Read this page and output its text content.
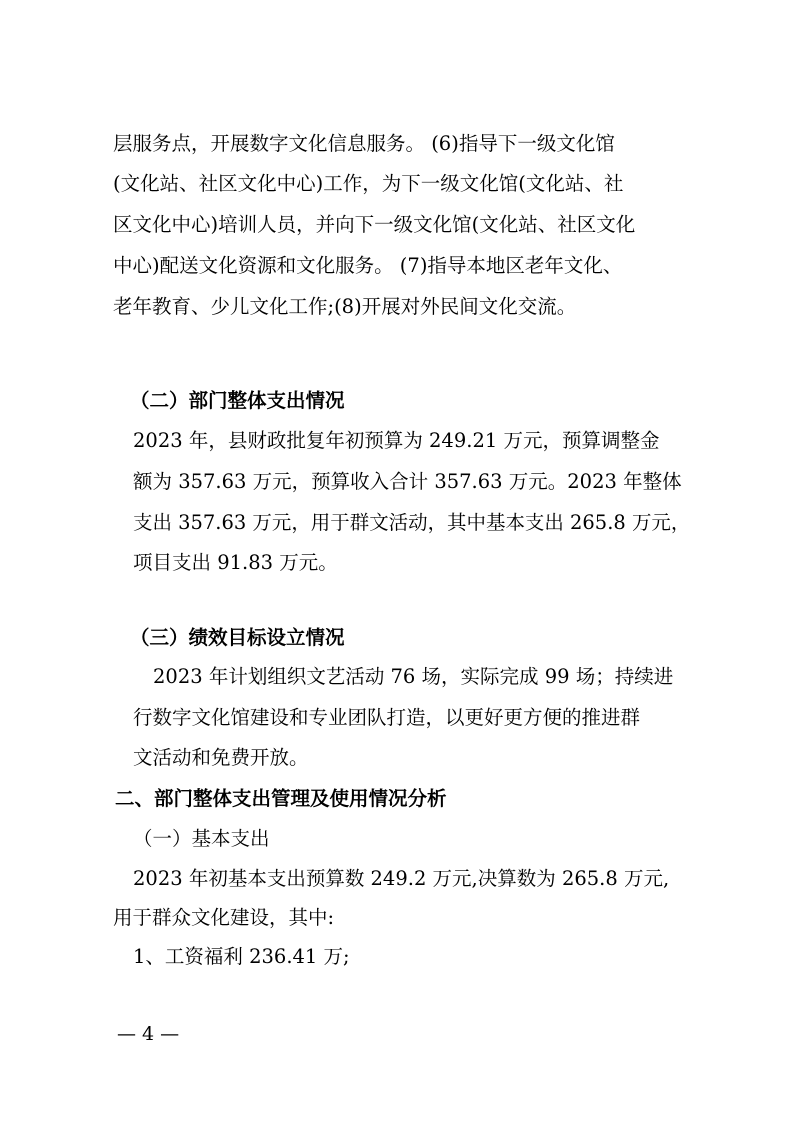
层服务点，开展数字文化信息服务。 (6)指导下一级文化馆

(文化站、社区文化中心)工作，为下一级文化馆(文化站、社

区文化中心)培训人员，并向下一级文化馆(文化站、社区文化

中心)配送文化资源和文化服务。 (7)指导本地区老年文化、

老年教育、少儿文化工作;(8)开展对外民间文化交流。

（二）部门整体支出情况

2023 年，县财政批复年初预算为 249.21 万元，预算调整金

额为 357.63 万元，预算收入合计 357.63 万元。2023 年整体

支出 357.63 万元，用于群文活动，其中基本支出 265.8 万元，

项目支出 91.83 万元。

（三）绩效目标设立情况

2023 年计划组织文艺活动 76 场，实际完成 99 场；持续进

行数字文化馆建设和专业团队打造，以更好更方便的推进群

文活动和免费开放。

二、部门整体支出管理及使用情况分析

（一）基本支出

2023 年初基本支出预算数 249.2 万元,决算数为 265.8 万元,

用于群众文化建设，其中:

1、工资福利 236.41 万;

— 4 —
